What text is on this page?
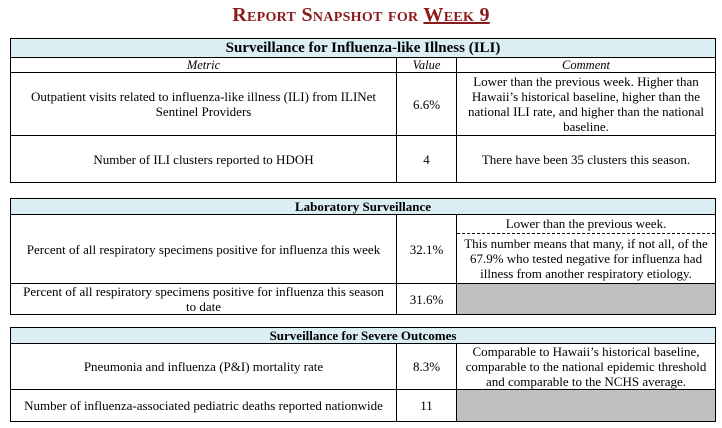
Report Snapshot for Week 9
Surveillance for Influenza-like Illness (ILI)		
Metric	Value	Comment
Outpatient visits related to influenza-like illness (ILI) from ILINet Sentinel Providers	6.6%	Lower than the previous week. Higher than Hawaii’s historical baseline, higher than the national ILI rate, and higher than the national baseline.
Number of ILI clusters reported to HDOH	4	There have been 35 clusters this season.
Laboratory Surveillance		
Percent of all respiratory specimens positive for influenza this week	32.1%	Lower than the previous week.
This number means that many, if not all, of the 67.9% who tested negative for influenza had illness from another respiratory etiology.

Percent of all respiratory specimens positive for influenza this season to date	31.6%	
Surveillance for Severe Outcomes		
Pneumonia and influenza (P&I) mortality rate	8.3%	Comparable to Hawaii’s historical baseline, comparable to the national epidemic threshold and comparable to the NCHS average.
Number of influenza-associated pediatric deaths reported nationwide	11	
